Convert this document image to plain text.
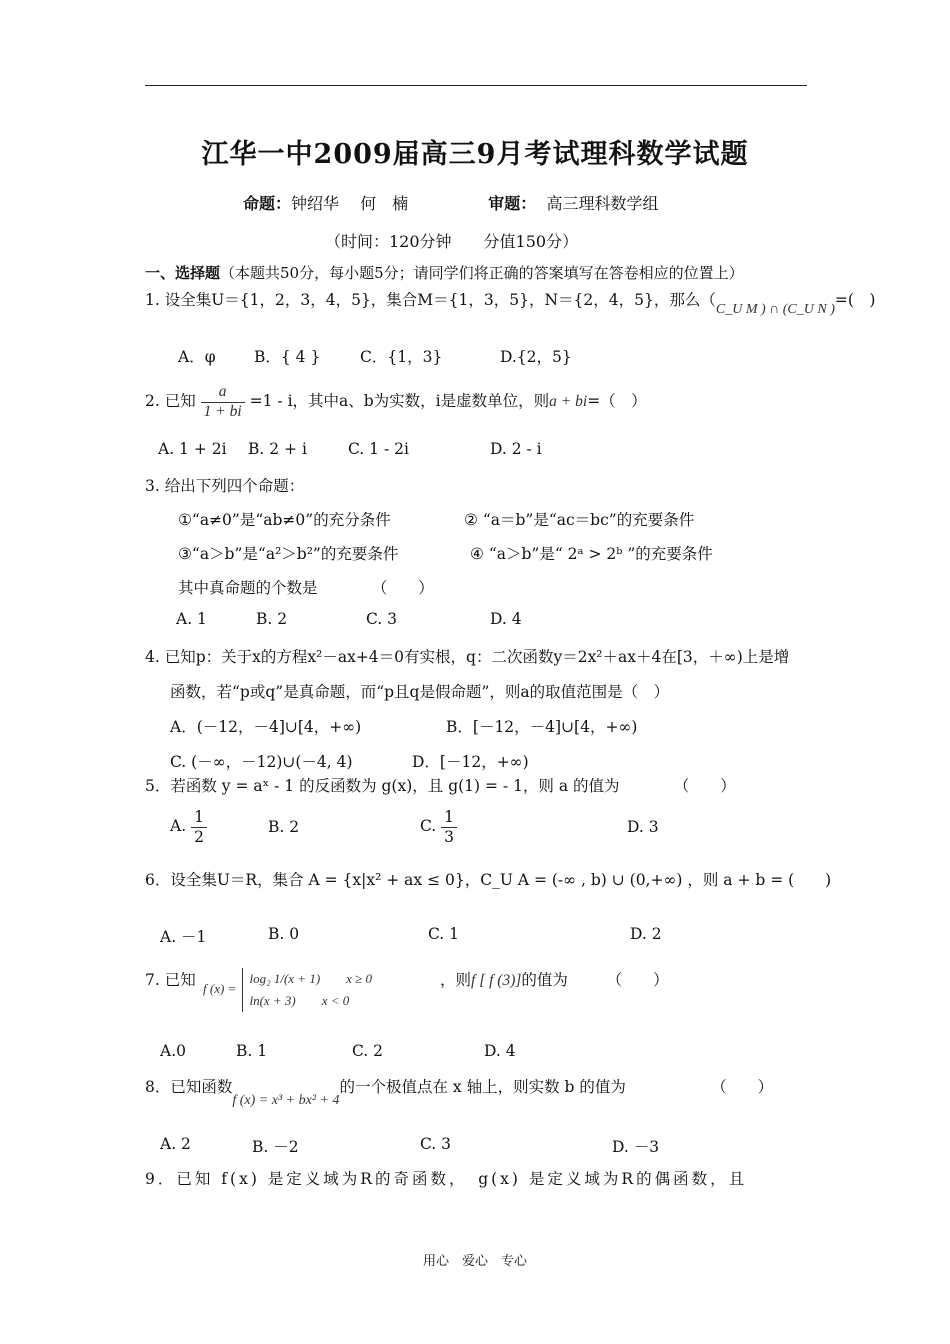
江华一中2009届高三9月考试理科数学试题
命题：钟绍华　 何　楠	审题： 高三理科数学组
（时间：120分钟　　分值150分）
一、选择题（本题共50分，每小题5分；请同学们将正确的答案填写在答卷相应的位置上）
1. 设全集U＝{1，2，3，4，5}，集合M＝{1，3，5}，N＝{2，4，5}，那么（C_U M ) ∩ (C_U N )=(　)
A．φ B．{ 4 }	C．{1，3}	D.{2，5}
2. 已知 $\frac{a}{1 + bi} =1 - i$，其中a、b为实数，i是虚数单位，则a + bi=（　）
A. 1 + 2i B. 2 + i	C. 1 - 2i	D. 2 - i
3. 给出下列四个命题：
①“a≠0”是“ab≠0”的充分条件	② “a＝b”是“ac＝bc”的充要条件
③“a＞b”是“a²＞b²”的充要条件	④ “a＞b”是“ 2ᵃ > 2ᵇ ”的充要条件
其中真命题的个数是　　　　（　　）
A. 1	B. 2	C. 3	D. 4
4. 已知p：关于x的方程x²－ax+4＝0有实根，q：二次函数y＝2x²＋ax＋4在[3，＋∞)上是增
函数，若“p或q”是真命题，而“p且q是假命题”，则a的取值范围是（　）
A．(－12，－4]∪[4，+∞)	B．[－12，－4]∪[4，+∞)
C. (－∞，－12)∪(－4, 4)	D．[－12，+∞)
5．若函数 y = aˣ - 1 的反函数为 g(x)，且 g(1) = - 1，则 a 的值为　　　　（　　）
A. $\frac{1}{2}$	B. 2	C. $\frac{1}{3}$	D. 3
6．设全集U＝R，集合 A = {x|x² + ax ≤ 0}，C_U A = (-∞ , b) ∪ (0,+∞) ，则 a + b = (　　)
A. －1	B. 0	C. 1	D. 2
7. 已知 f (x) =
log₂ 1/(x + 1)　　x ≥ 0
ln(x + 3)　　x < 0
，则f [ f (3)]的值为　　　（　　）
A.0	B. 1	C. 2	D. 4
8．已知函数f (x) = x³ + bx² + 4的一个极值点在 x 轴上，则实数 b 的值为　　　　　　（　　）
A. 2	B. －2	C. 3	D. －3
9．已知 f(x) 是定义域为R的奇函数，　g(x) 是定义域为R的偶函数，且
用心　爱心　专心
